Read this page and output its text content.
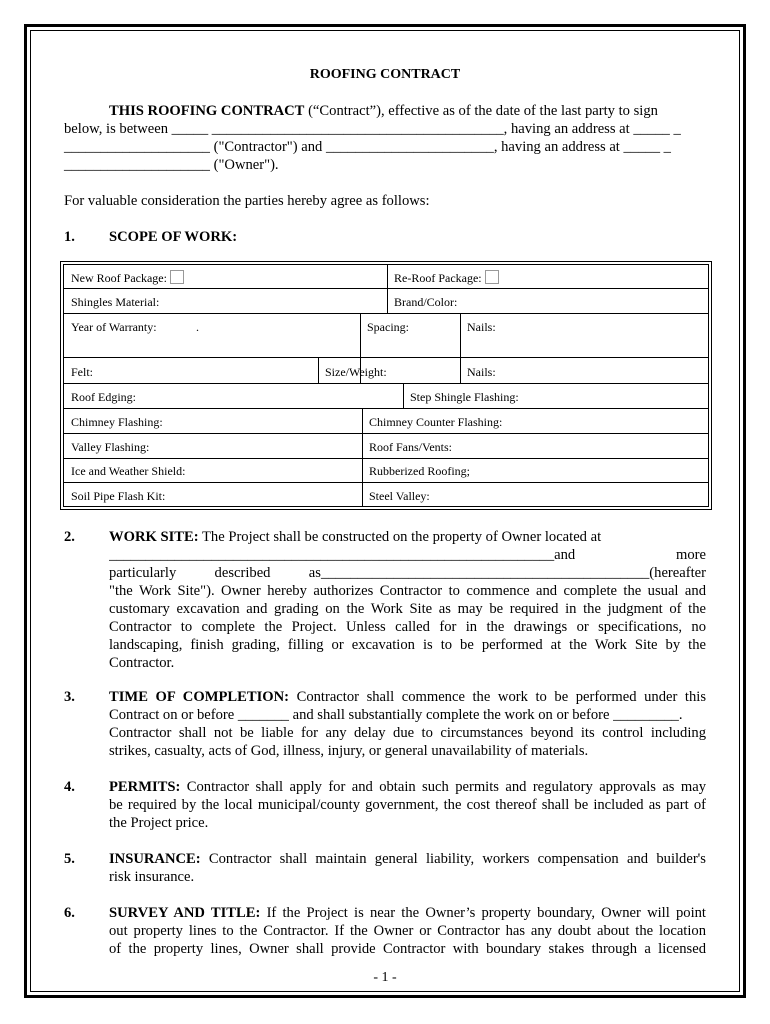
ROOFING CONTRACT
THIS ROOFING CONTRACT (“Contract”), effective as of the date of the last party to sign
below, is between _____ ________________________________________, having an address at _____ _
____________________ ("Contractor") and _______________________, having an address at _____ _
____________________ ("Owner").
For valuable consideration the parties hereby agree as follows:
1. SCOPE OF WORK:
New Roof Package:	Re-Roof Package:
Shingles Material:	Brand/Color:
Year of Warranty:	.	Spacing:	Nails:
Felt:	Size/Weight:	Nails:
Roof Edging:	Step Shingle Flashing:
Chimney Flashing:	Chimney Counter Flashing:
Valley Flashing:	Roof Fans/Vents:
Ice and Weather Shield:	Rubberized Roofing;
Soil Pipe Flash Kit:	Steel Valley:
2. WORK SITE: The Project shall be constructed on the property of Owner located at
_____________________________________________________________and more
particularly described as_____________________________________________(hereafter
"the Work Site"). Owner hereby authorizes Contractor to commence and complete the usual and
customary excavation and grading on the Work Site as may be required in the judgment of the
Contractor to complete the Project. Unless called for in the drawings or specifications, no
landscaping, finish grading, filling or excavation is to be performed at the Work Site by the
Contractor.
3. TIME OF COMPLETION: Contractor shall commence the work to be performed under this
Contract on or before _______ and shall substantially complete the work on or before _________.
Contractor shall not be liable for any delay due to circumstances beyond its control including
strikes, casualty, acts of God, illness, injury, or general unavailability of materials.
4. PERMITS: Contractor shall apply for and obtain such permits and regulatory approvals as may
be required by the local municipal/county government, the cost thereof shall be included as part of
the Project price.
5. INSURANCE: Contractor shall maintain general liability, workers compensation and builder's
risk insurance.
6. SURVEY AND TITLE: If the Project is near the Owner’s property boundary, Owner will point
out property lines to the Contractor. If the Owner or Contractor has any doubt about the location
of the property lines, Owner shall provide Contractor with boundary stakes through a licensed
- 1 -
